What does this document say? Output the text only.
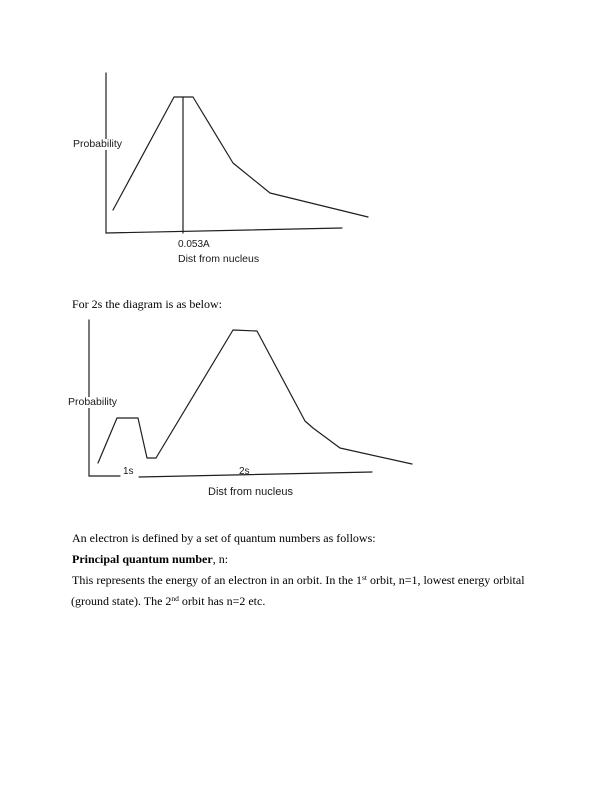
Probability
0.053A
Dist from nucleus
Probability
1s	2s
Dist from nucleus
For 2s the diagram is as below:
An electron is defined by a set of quantum numbers as follows:
Principal quantum number, n:
This represents the energy of an electron in an orbit. In the 1st orbit, n=1, lowest energy orbital
(ground state). The 2nd orbit has n=2 etc.
